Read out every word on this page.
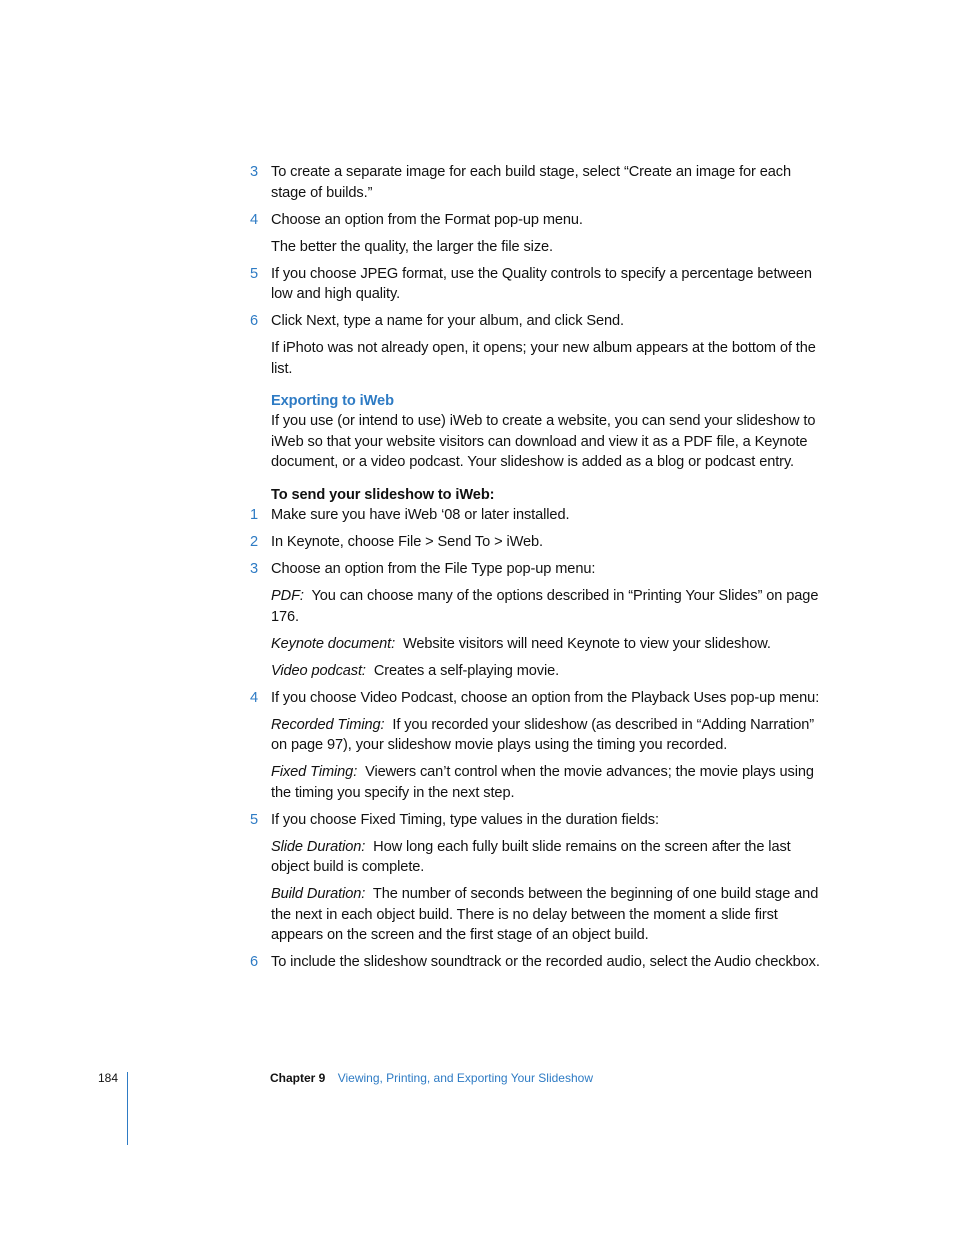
3 To create a separate image for each build stage, select “Create an image for each stage of builds.”
4 Choose an option from the Format pop-up menu.
The better the quality, the larger the file size.
5 If you choose JPEG format, use the Quality controls to specify a percentage between low and high quality.
6 Click Next, type a name for your album, and click Send.
If iPhoto was not already open, it opens; your new album appears at the bottom of the list.
Exporting to iWeb
If you use (or intend to use) iWeb to create a website, you can send your slideshow to iWeb so that your website visitors can download and view it as a PDF file, a Keynote document, or a video podcast. Your slideshow is added as a blog or podcast entry.
To send your slideshow to iWeb:
1 Make sure you have iWeb ‘08 or later installed.
2 In Keynote, choose File > Send To > iWeb.
3 Choose an option from the File Type pop-up menu:
PDF: You can choose many of the options described in “Printing Your Slides” on page 176.
Keynote document: Website visitors will need Keynote to view your slideshow.
Video podcast: Creates a self-playing movie.
4 If you choose Video Podcast, choose an option from the Playback Uses pop-up menu:
Recorded Timing: If you recorded your slideshow (as described in “Adding Narration” on page 97), your slideshow movie plays using the timing you recorded.
Fixed Timing: Viewers can’t control when the movie advances; the movie plays using the timing you specify in the next step.
5 If you choose Fixed Timing, type values in the duration fields:
Slide Duration: How long each fully built slide remains on the screen after the last object build is complete.
Build Duration: The number of seconds between the beginning of one build stage and the next in each object build. There is no delay between the moment a slide first appears on the screen and the first stage of an object build.
6 To include the slideshow soundtrack or the recorded audio, select the Audio checkbox.
184	Chapter 9 Viewing, Printing, and Exporting Your Slideshow
